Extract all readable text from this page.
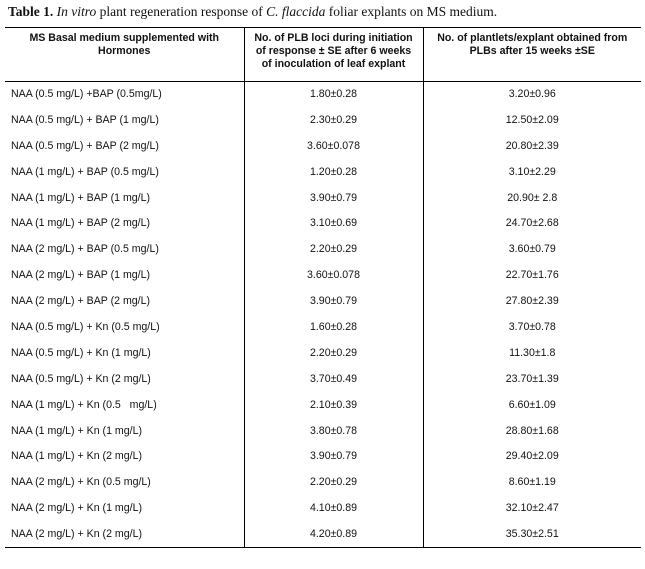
Table 1. In vitro plant regeneration response of C. flaccida foliar explants on MS medium.
MS Basal medium supplemented with Hormones	No. of PLB loci during initiation of response ± SE after 6 weeks of inoculation of leaf explant	No. of plantlets/explant obtained from PLBs after 15 weeks ±SE
NAA (0.5 mg/L) +BAP (0.5mg/L)	1.80±0.28	3.20±0.96
NAA (0.5 mg/L) + BAP (1 mg/L)	2.30±0.29	12.50±2.09
NAA (0.5 mg/L) + BAP (2 mg/L)	3.60±0.078	20.80±2.39
NAA (1 mg/L) + BAP (0.5 mg/L)	1.20±0.28	3.10±2.29
NAA (1 mg/L) + BAP (1 mg/L)	3.90±0.79	20.90± 2.8
NAA (1 mg/L) + BAP (2 mg/L)	3.10±0.69	24.70±2.68
NAA (2 mg/L) + BAP (0.5 mg/L)	2.20±0.29	3.60±0.79
NAA (2 mg/L) + BAP (1 mg/L)	3.60±0.078	22.70±1.76
NAA (2 mg/L) + BAP (2 mg/L)	3.90±0.79	27.80±2.39
NAA (0.5 mg/L) + Kn (0.5 mg/L)	1.60±0.28	3.70±0.78
NAA (0.5 mg/L) + Kn (1 mg/L)	2.20±0.29	11.30±1.8
NAA (0.5 mg/L) + Kn (2 mg/L)	3.70±0.49	23.70±1.39
NAA (1 mg/L) + Kn (0.5   mg/L)	2.10±0.39	6.60±1.09
NAA (1 mg/L) + Kn (1 mg/L)	3.80±0.78	28.80±1.68
NAA (1 mg/L) + Kn (2 mg/L)	3.90±0.79	29.40±2.09
NAA (2 mg/L) + Kn (0.5 mg/L)	2.20±0.29	8.60±1.19
NAA (2 mg/L) + Kn (1 mg/L)	4.10±0.89	32.10±2.47
NAA (2 mg/L) + Kn (2 mg/L)	4.20±0.89	35.30±2.51
